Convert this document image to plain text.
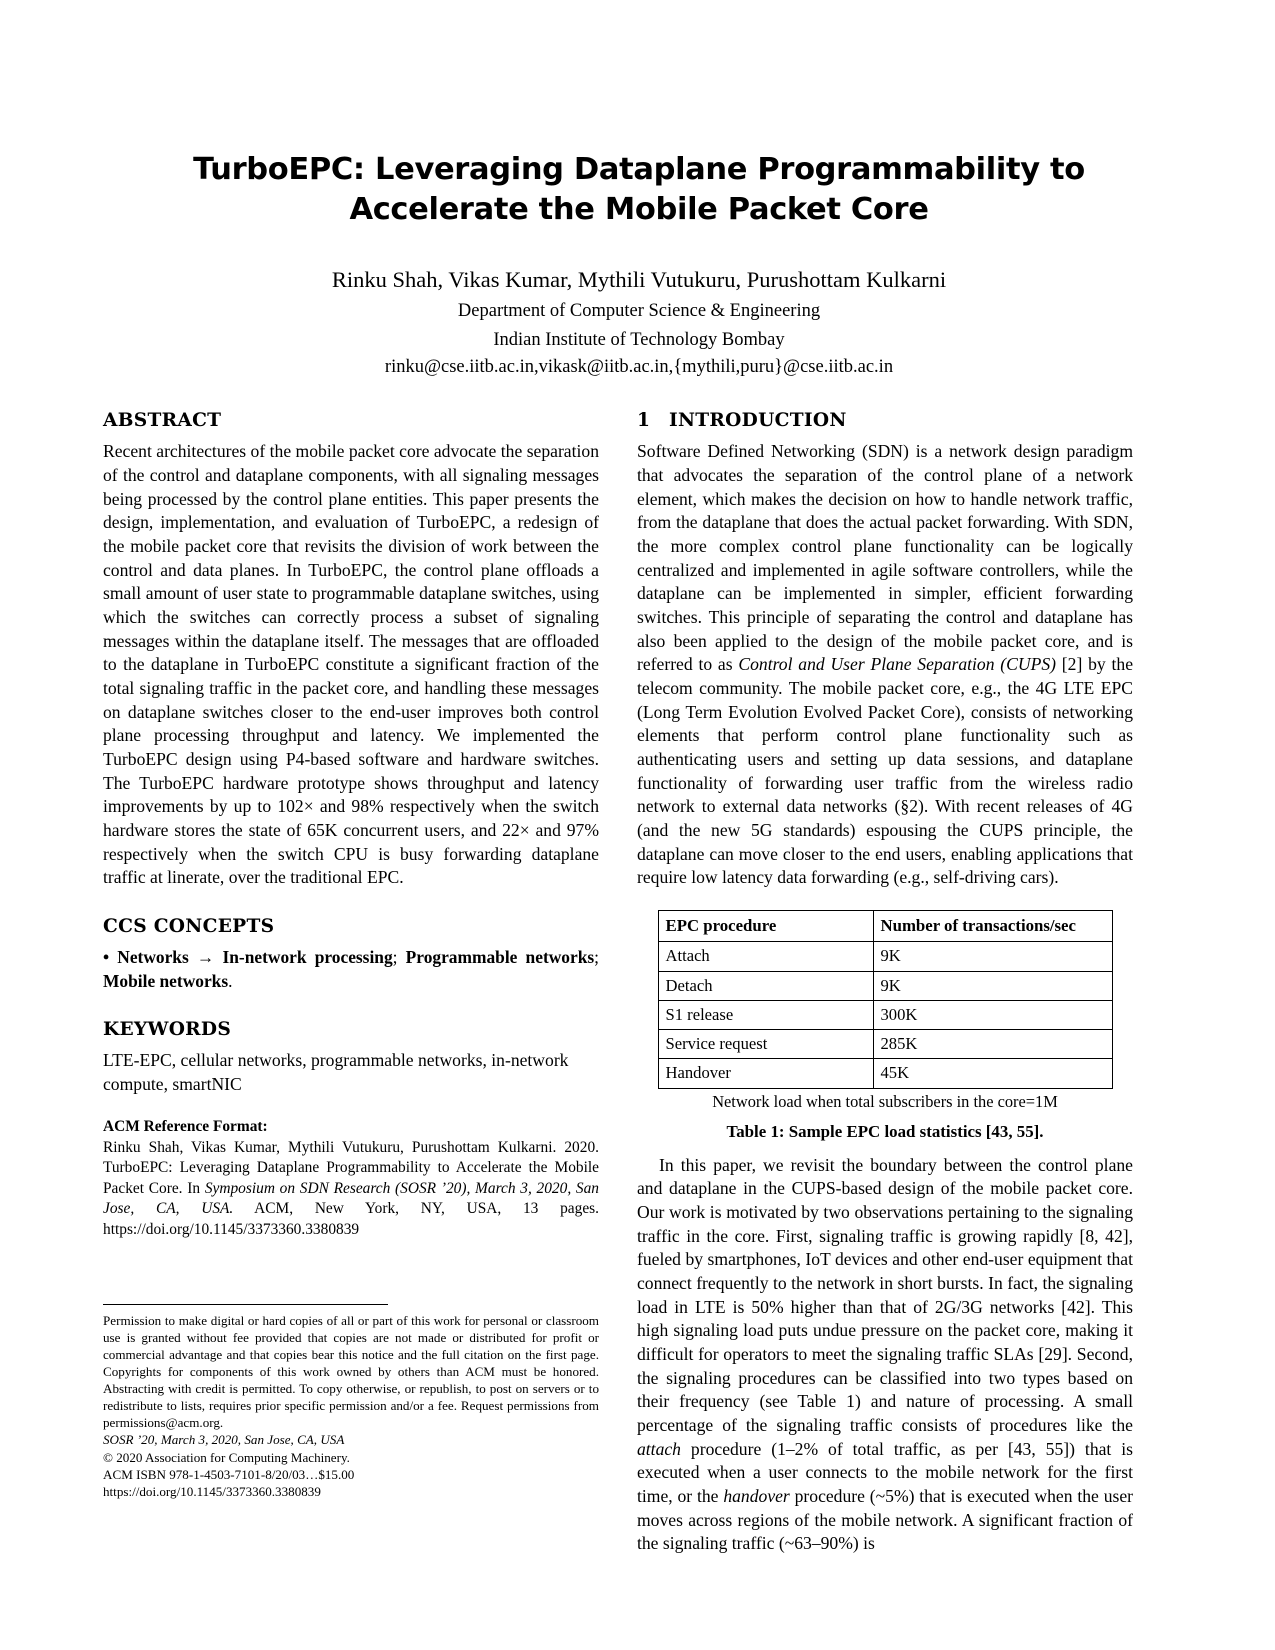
TurboEPC: Leveraging Dataplane Programmability to Accelerate the Mobile Packet Core
Rinku Shah, Vikas Kumar, Mythili Vutukuru, Purushottam Kulkarni
Department of Computer Science & Engineering
Indian Institute of Technology Bombay
rinku@cse.iitb.ac.in,vikask@iitb.ac.in,{mythili,puru}@cse.iitb.ac.in
ABSTRACT

Recent architectures of the mobile packet core advocate the separation of the control and dataplane components, with all signaling messages being processed by the control plane entities. This paper presents the design, implementation, and evaluation of TurboEPC, a redesign of the mobile packet core that revisits the division of work between the control and data planes. In TurboEPC, the control plane offloads a small amount of user state to programmable dataplane switches, using which the switches can correctly process a subset of signaling messages within the dataplane itself. The messages that are offloaded to the dataplane in TurboEPC constitute a significant fraction of the total signaling traffic in the packet core, and handling these messages on dataplane switches closer to the end-user improves both control plane processing throughput and latency. We implemented the TurboEPC design using P4-based software and hardware switches. The TurboEPC hardware prototype shows throughput and latency improvements by up to 102× and 98% respectively when the switch hardware stores the state of 65K concurrent users, and 22× and 97% respectively when the switch CPU is busy forwarding dataplane traffic at linerate, over the traditional EPC.

CCS CONCEPTS

• Networks → In-network processing; Programmable networks; Mobile networks.

KEYWORDS

LTE-EPC, cellular networks, programmable networks, in-network compute, smartNIC

ACM Reference Format:

Rinku Shah, Vikas Kumar, Mythili Vutukuru, Purushottam Kulkarni. 2020. TurboEPC: Leveraging Dataplane Programmability to Accelerate the Mobile Packet Core. In Symposium on SDN Research (SOSR ’20), March 3, 2020, San Jose, CA, USA. ACM, New York, NY, USA, 13 pages. https://doi.org/10.1145/3373360.3380839

Permission to make digital or hard copies of all or part of this work for personal or classroom use is granted without fee provided that copies are not made or distributed for profit or commercial advantage and that copies bear this notice and the full citation on the first page. Copyrights for components of this work owned by others than ACM must be honored. Abstracting with credit is permitted. To copy otherwise, or republish, to post on servers or to redistribute to lists, requires prior specific permission and/or a fee. Request permissions from permissions@acm.org.

SOSR ’20, March 3, 2020, San Jose, CA, USA

© 2020 Association for Computing Machinery.

ACM ISBN 978-1-4503-7101-8/20/03…$15.00

https://doi.org/10.1145/3373360.3380839

1	INTRODUCTION

Software Defined Networking (SDN) is a network design paradigm that advocates the separation of the control plane of a network element, which makes the decision on how to handle network traffic, from the dataplane that does the actual packet forwarding. With SDN, the more complex control plane functionality can be logically centralized and implemented in agile software controllers, while the dataplane can be implemented in simpler, efficient forwarding switches. This principle of separating the control and dataplane has also been applied to the design of the mobile packet core, and is referred to as Control and User Plane Separation (CUPS) [2] by the telecom community. The mobile packet core, e.g., the 4G LTE EPC (Long Term Evolution Evolved Packet Core), consists of networking elements that perform control plane functionality such as authenticating users and setting up data sessions, and dataplane functionality of forwarding user traffic from the wireless radio network to external data networks (§2). With recent releases of 4G (and the new 5G standards) espousing the CUPS principle, the dataplane can move closer to the end users, enabling applications that require low latency data forwarding (e.g., self-driving cars).

EPC procedure	Number of transactions/sec
Attach	9K
Detach	9K
S1 release	300K
Service request	285K
Handover	45K

Network load when total subscribers in the core=1M

Table 1: Sample EPC load statistics [43, 55].

In this paper, we revisit the boundary between the control plane and dataplane in the CUPS-based design of the mobile packet core. Our work is motivated by two observations pertaining to the signaling traffic in the core. First, signaling traffic is growing rapidly [8, 42], fueled by smartphones, IoT devices and other end-user equipment that connect frequently to the network in short bursts. In fact, the signaling load in LTE is 50% higher than that of 2G/3G networks [42]. This high signaling load puts undue pressure on the packet core, making it difficult for operators to meet the signaling traffic SLAs [29]. Second, the signaling procedures can be classified into two types based on their frequency (see Table 1) and nature of processing. A small percentage of the signaling traffic consists of procedures like the attach procedure (1–2% of total traffic, as per [43, 55]) that is executed when a user connects to the mobile network for the first time, or the handover procedure (~5%) that is executed when the user moves across regions of the mobile network. A significant fraction of the signaling traffic (~63–90%) is
